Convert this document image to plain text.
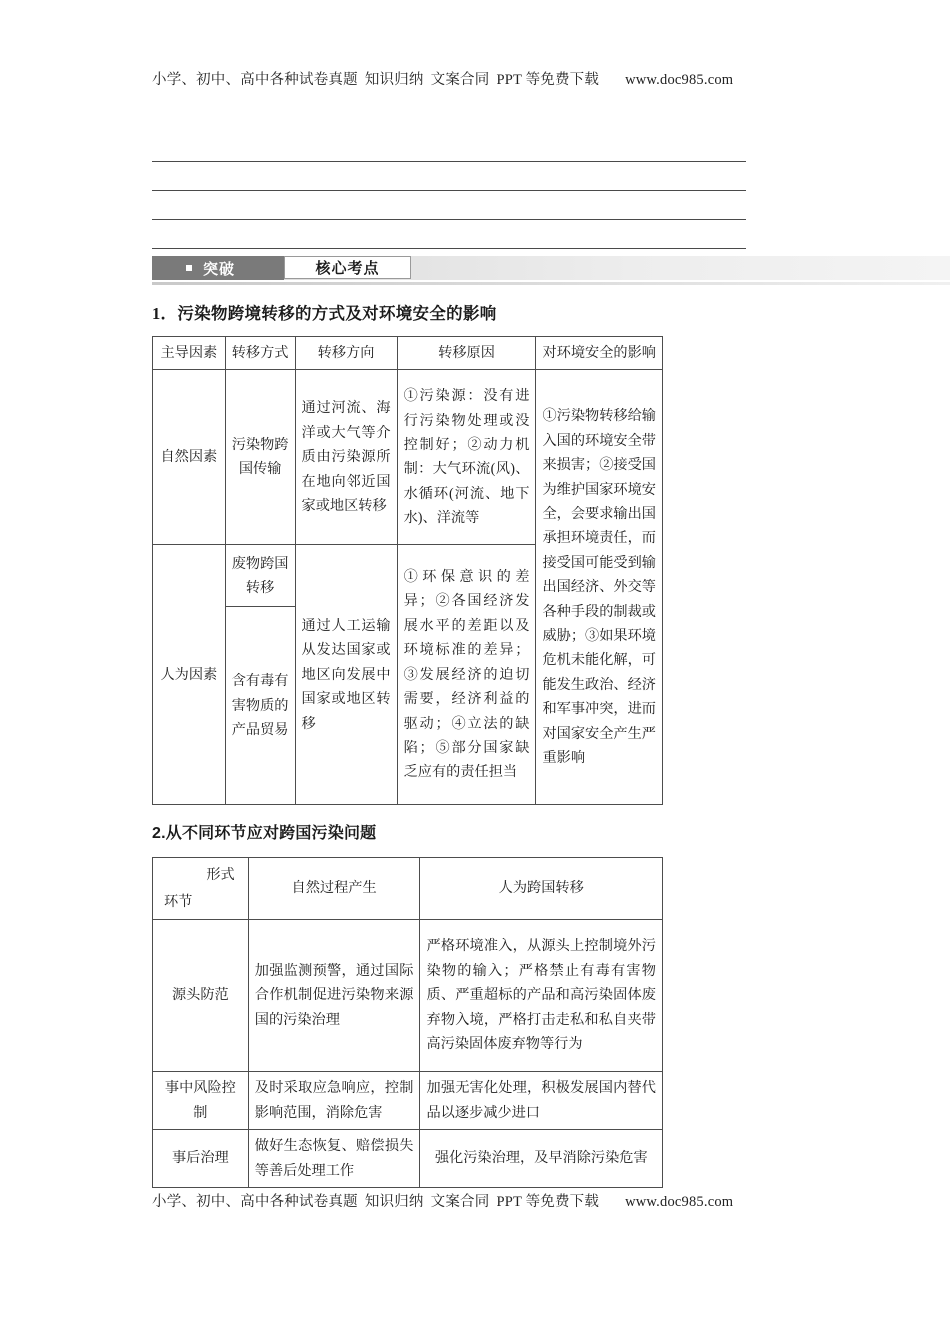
小学、初中、高中各种试卷真题 知识归纳 文案合同 PPT 等免费下载 www.doc985.com
突破	核心考点
1．污染物跨境转移的方式及对环境安全的影响
主导因素	转移方式	转移方向	转移原因	对环境安全的影响
自然因素	污染物跨国传输	通过河流、海洋或大气等介质由污染源所在地向邻近国家或地区转移	①污染源：没有进行污染物处理或没控制好；②动力机制：大气环流(风)、水循环(河流、地下水)、洋流等	①污染物转移给输入国的环境安全带来损害；②接受国为维护国家环境安全，会要求输出国承担环境责任，而接受国可能受到输出国经济、外交等各种手段的制裁或威胁；③如果环境危机未能化解，可能发生政治、经济和军事冲突，进而对国家安全产生严重影响
人为因素	废物跨国转移	通过人工运输从发达国家或地区向发展中国家或地区转移	①环保意识的差异；②各国经济发展水平的差距以及环境标准的差异；③发展经济的迫切需要，经济利益的驱动；④立法的缺陷；⑤部分国家缺乏应有的责任担当	
	含有毒有害物质的产品贸易			
2.从不同环节应对跨国污染问题
形式
环节	自然过程产生	人为跨国转移
源头防范	加强监测预警，通过国际合作机制促进污染物来源国的污染治理	严格环境准入，从源头上控制境外污染物的输入；严格禁止有毒有害物质、严重超标的产品和高污染固体废弃物入境，严格打击走私和私自夹带高污染固体废弃物等行为
事中风险控制	及时采取应急响应，控制影响范围，消除危害	加强无害化处理，积极发展国内替代品以逐步减少进口
事后治理	做好生态恢复、赔偿损失等善后处理工作	强化污染治理，及早消除污染危害
小学、初中、高中各种试卷真题 知识归纳 文案合同 PPT 等免费下载 www.doc985.com
